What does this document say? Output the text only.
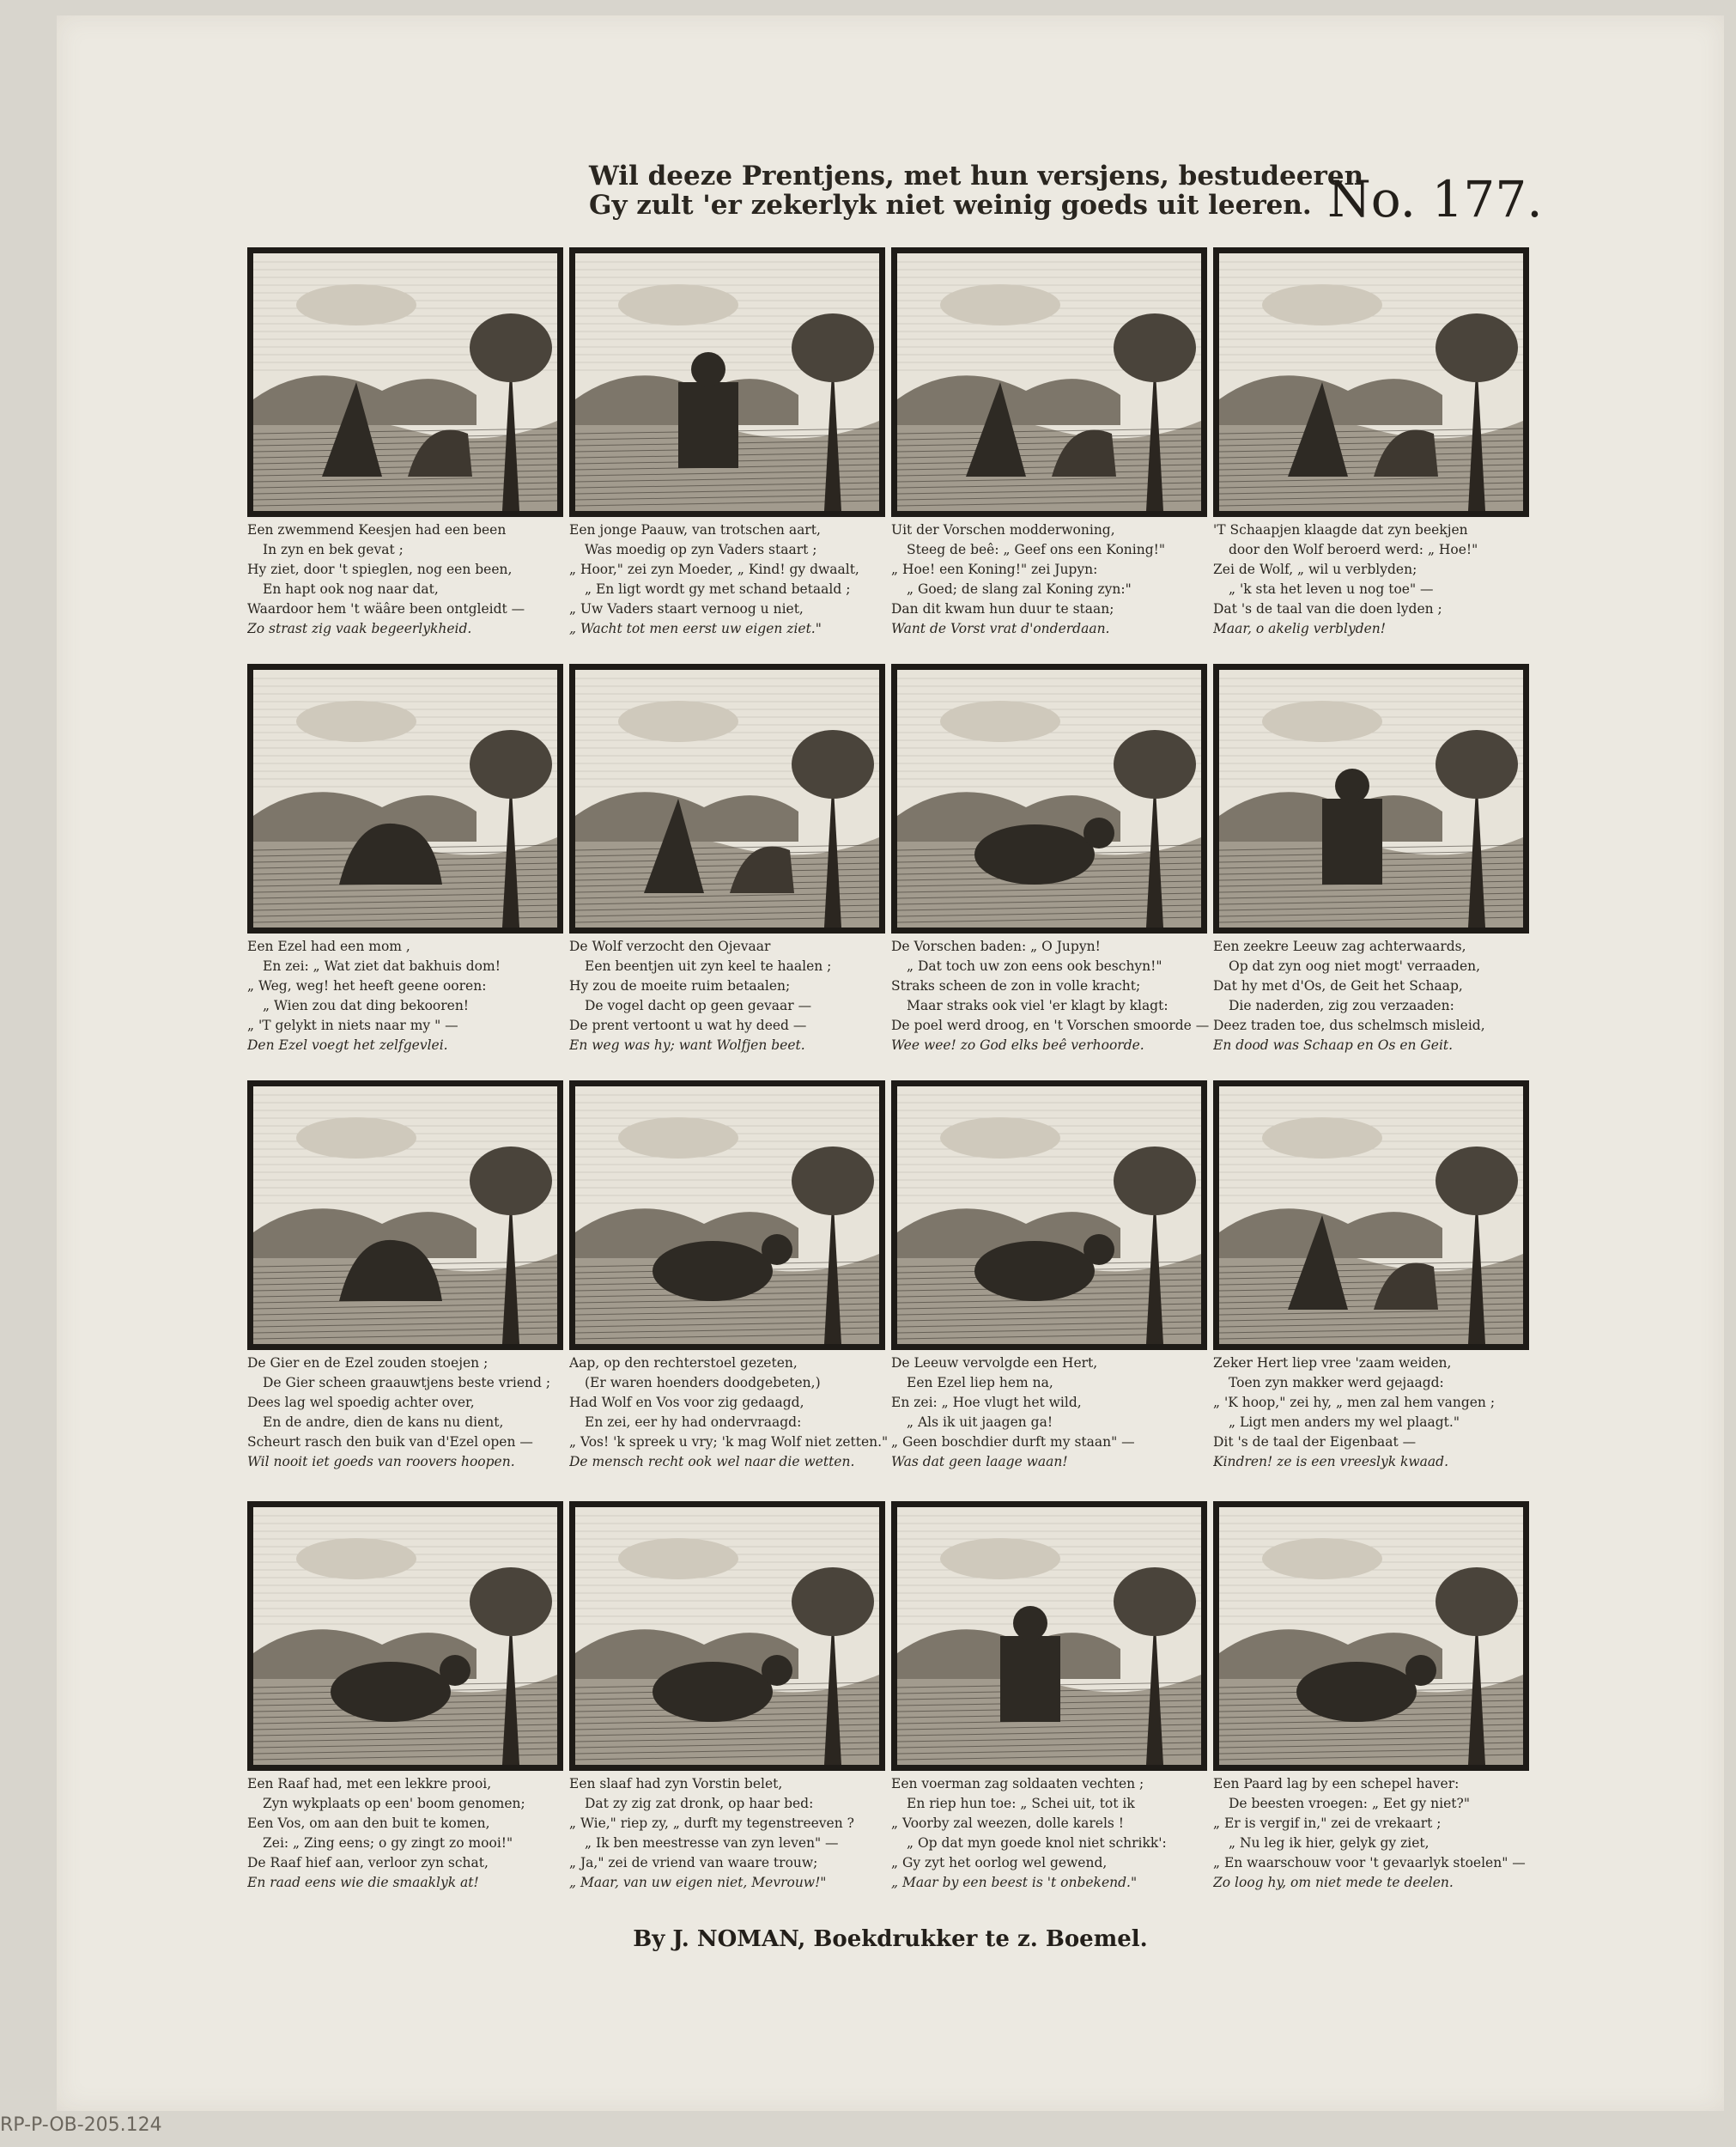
Wil deeze Prentjens, met hun versjens, bestudeeren
Gy zult 'er zekerlyk niet weinig goeds uit leeren. No. 177.
Een zwemmend Keesjen had een been
In zyn en bek gevat ;
Hy ziet, door 't spieglen, nog een been,
En hapt ook nog naar dat,
Waardoor hem 't wäâre been ontgleidt —
Zo strast zig vaak begeerlykheid.
Een jonge Paauw, van trotschen aart,
Was moedig op zyn Vaders staart ;
„ Hoor," zei zyn Moeder, „ Kind! gy dwaalt,
„ En ligt wordt gy met schand betaald ;
„ Uw Vaders staart vernoog u niet,
„ Wacht tot men eerst uw eigen ziet."
Uit der Vorschen modderwoning,
Steeg de beê: „ Geef ons een Koning!"
„ Hoe! een Koning!" zei Jupyn:
„ Goed; de slang zal Koning zyn:"
Dan dit kwam hun duur te staan;
Want de Vorst vrat d'onderdaan.
'T Schaapjen klaagde dat zyn beekjen
door den Wolf beroerd werd: „ Hoe!"
Zei de Wolf, „ wil u verblyden;
„ 'k sta het leven u nog toe" —
Dat 's de taal van die doen lyden ;
Maar, o akelig verblyden!
Een Ezel had een mom ,
En zei: „ Wat ziet dat bakhuis dom!
„ Weg, weg! het heeft geene ooren:
„ Wien zou dat ding bekooren!
„ 'T gelykt in niets naar my " —
Den Ezel voegt het zelfgevlei.
De Wolf verzocht den Ojevaar
Een beentjen uit zyn keel te haalen ;
Hy zou de moeite ruim betaalen;
De vogel dacht op geen gevaar —
De prent vertoont u wat hy deed —
En weg was hy; want Wolfjen beet.
De Vorschen baden: „ O Jupyn!
„ Dat toch uw zon eens ook beschyn!"
Straks scheen de zon in volle kracht;
Maar straks ook viel 'er klagt by klagt:
De poel werd droog, en 't Vorschen smoorde —
Wee wee! zo God elks beê verhoorde.
Een zeekre Leeuw zag achterwaards,
Op dat zyn oog niet mogt' verraaden,
Dat hy met d'Os, de Geit het Schaap,
Die naderden, zig zou verzaaden:
Deez traden toe, dus schelmsch misleid,
En dood was Schaap en Os en Geit.
De Gier en de Ezel zouden stoejen ;
De Gier scheen graauwtjens beste vriend ;
Dees lag wel spoedig achter over,
En de andre, dien de kans nu dient,
Scheurt rasch den buik van d'Ezel open —
Wil nooit iet goeds van roovers hoopen.
Aap, op den rechterstoel gezeten,
(Er waren hoenders doodgebeten,)
Had Wolf en Vos voor zig gedaagd,
En zei, eer hy had ondervraagd:
„ Vos! 'k spreek u vry; 'k mag Wolf niet zetten."
De mensch recht ook wel naar die wetten.
De Leeuw vervolgde een Hert,
Een Ezel liep hem na,
En zei: „ Hoe vlugt het wild,
„ Als ik uit jaagen ga!
„ Geen boschdier durft my staan" —
Was dat geen laage waan!
Zeker Hert liep vree 'zaam weiden,
Toen zyn makker werd gejaagd:
„ 'K hoop," zei hy, „ men zal hem vangen ;
„ Ligt men anders my wel plaagt."
Dit 's de taal der Eigenbaat —
Kindren! ze is een vreeslyk kwaad.
Een Raaf had, met een lekkre prooi,
Zyn wykplaats op een' boom genomen;
Een Vos, om aan den buit te komen,
Zei: „ Zing eens; o gy zingt zo mooi!"
De Raaf hief aan, verloor zyn schat,
En raad eens wie die smaaklyk at!
Een slaaf had zyn Vorstin belet,
Dat zy zig zat dronk, op haar bed:
„ Wie," riep zy, „ durft my tegenstreeven ?
„ Ik ben meestresse van zyn leven" —
„ Ja," zei de vriend van waare trouw;
„ Maar, van uw eigen niet, Mevrouw!"
Een voerman zag soldaaten vechten ;
En riep hun toe: „ Schei uit, tot ik
„ Voorby zal weezen, dolle karels !
„ Op dat myn goede knol niet schrikk':
„ Gy zyt het oorlog wel gewend,
„ Maar by een beest is 't onbekend."
Een Paard lag by een schepel haver:
De beesten vroegen: „ Eet gy niet?"
„ Er is vergif in," zei de vrekaart ;
„ Nu leg ik hier, gelyk gy ziet,
„ En waarschouw voor 't gevaarlyk stoelen" —
Zo loog hy, om niet mede te deelen.
By J. NOMAN, Boekdrukker te z. Boemel.
RP-P-OB-205.124
